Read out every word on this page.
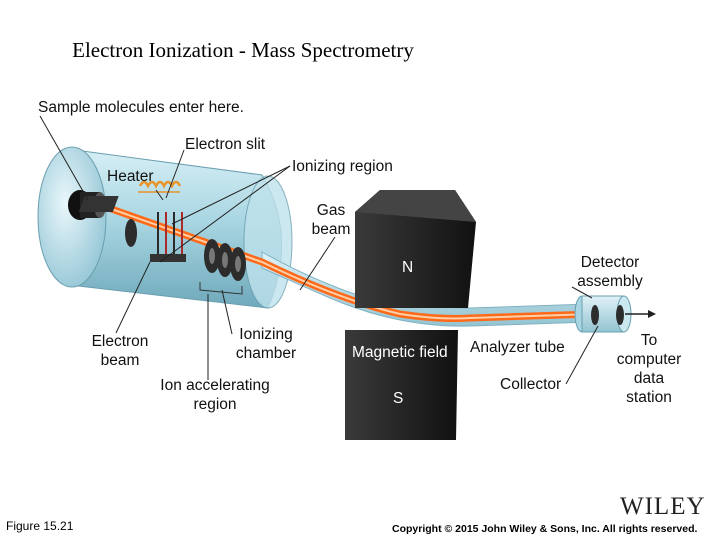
Electron Ionization - Mass Spectrometry
Sample molecules enter here.
Electron slit
Heater
Ionizing region
Gas
beam
N
S
Detector
assembly
Electron
beam
Ionizing
chamber	Magnetic field Analyzer tube
Ion accelerating
region
Collector
To
computer
data
station
Figure 15.21
WILEY
Copyright © 2015 John Wiley & Sons, Inc. All rights reserved.
